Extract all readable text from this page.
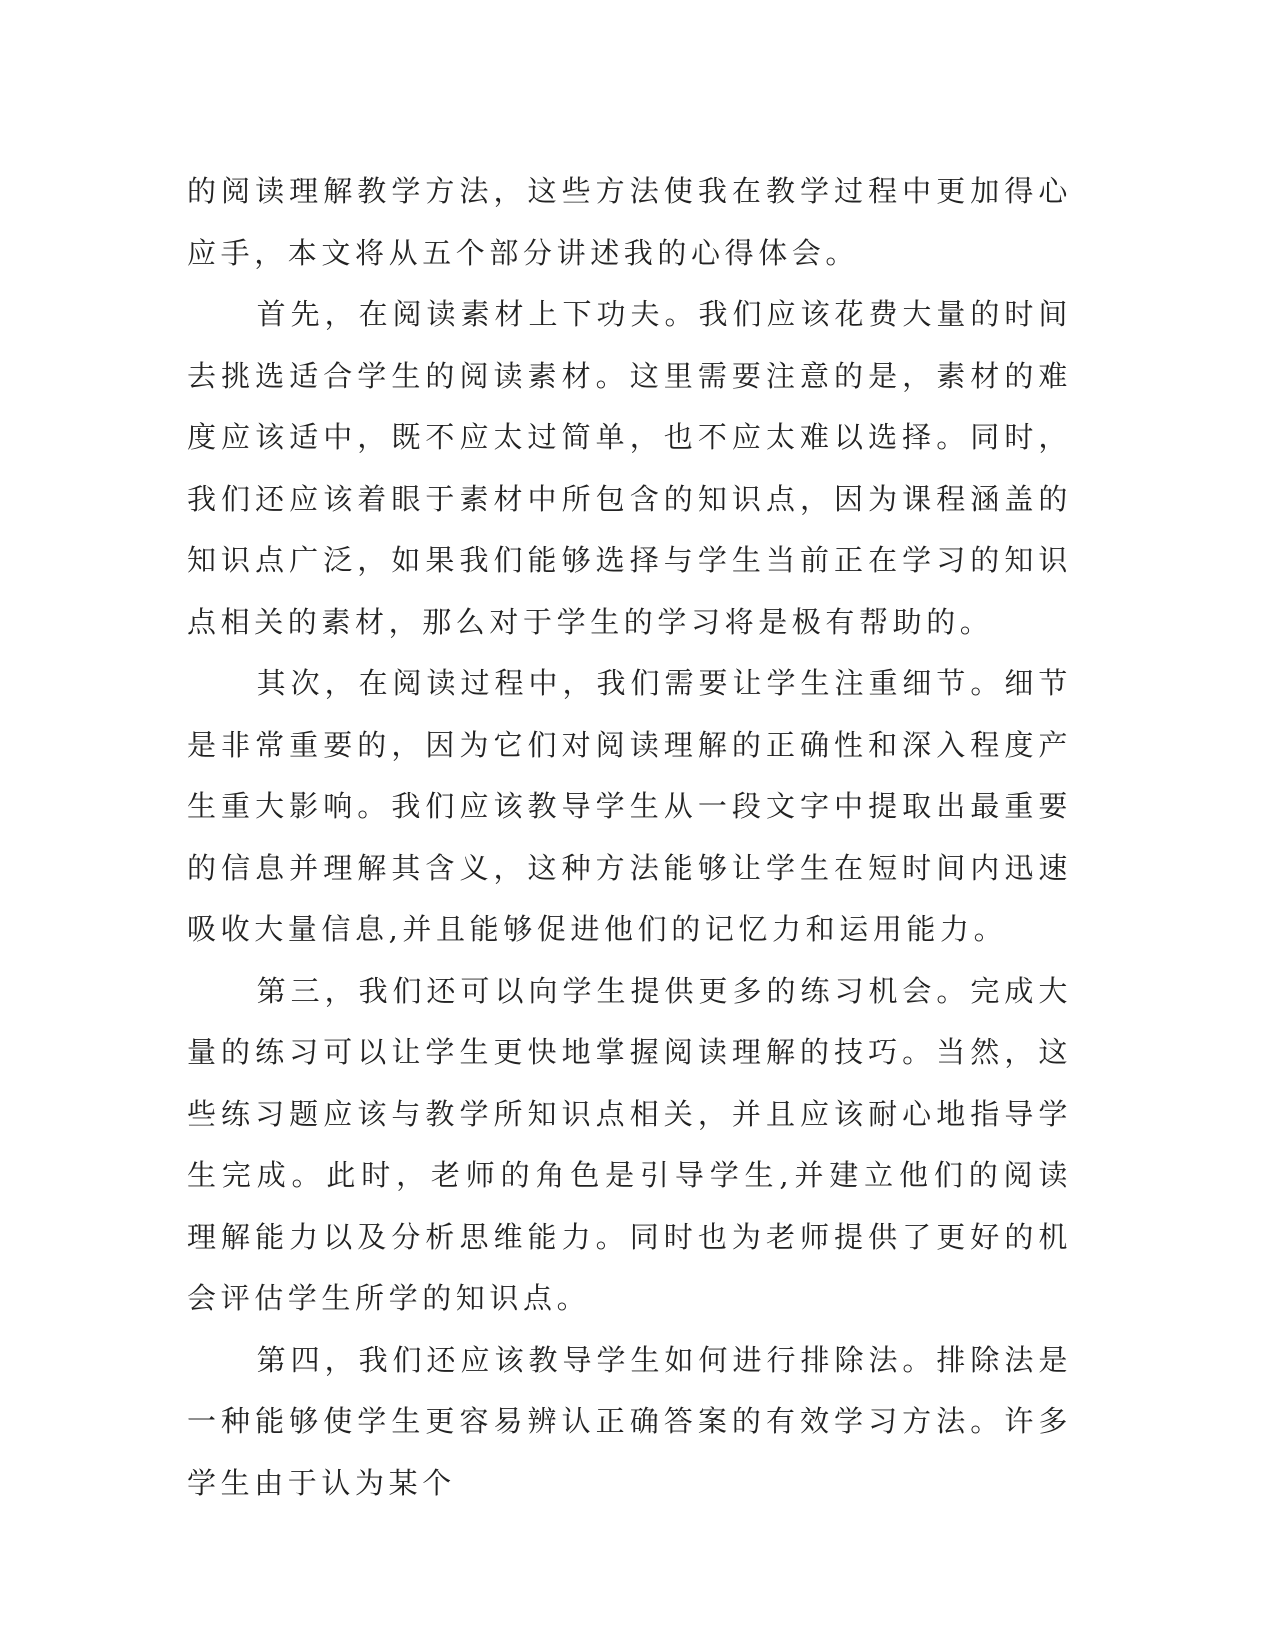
的阅读理解教学方法，这些方法使我在教学过程中更加得心应手，本文将从五个部分讲述我的心得体会。

首先，在阅读素材上下功夫。我们应该花费大量的时间去挑选适合学生的阅读素材。这里需要注意的是，素材的难度应该适中，既不应太过简单，也不应太难以选择。同时，我们还应该着眼于素材中所包含的知识点，因为课程涵盖的知识点广泛，如果我们能够选择与学生当前正在学习的知识点相关的素材，那么对于学生的学习将是极有帮助的。

其次，在阅读过程中，我们需要让学生注重细节。细节是非常重要的，因为它们对阅读理解的正确性和深入程度产生重大影响。我们应该教导学生从一段文字中提取出最重要的信息并理解其含义，这种方法能够让学生在短时间内迅速吸收大量信息,并且能够促进他们的记忆力和运用能力。

第三，我们还可以向学生提供更多的练习机会。完成大量的练习可以让学生更快地掌握阅读理解的技巧。当然，这些练习题应该与教学所知识点相关，并且应该耐心地指导学生完成。此时，老师的角色是引导学生,并建立他们的阅读理解能力以及分析思维能力。同时也为老师提供了更好的机会评估学生所学的知识点。

第四，我们还应该教导学生如何进行排除法。排除法是一种能够使学生更容易辨认正确答案的有效学习方法。许多学生由于认为某个
